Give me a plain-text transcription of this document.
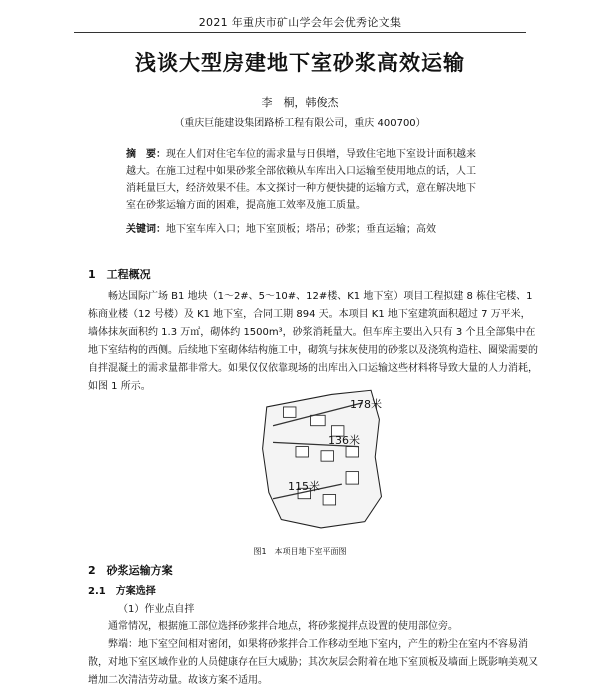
2021 年重庆市矿山学会年会优秀论文集
浅谈大型房建地下室砂浆高效运输
李　桐，韩俊杰
（重庆巨能建设集团路桥工程有限公司，重庆 400700）
摘　要：现在人们对住宅车位的需求量与日俱增，导致住宅地下室设计面积越来越大。在施工过程中如果砂浆全部依赖从车库出入口运输至使用地点的话，人工消耗量巨大，经济效果不佳。本文探讨一种方便快捷的运输方式，意在解决地下室在砂浆运输方面的困难，提高施工效率及施工质量。
关键词：地下室车库入口；地下室顶板；塔吊；砂浆；垂直运输；高效
1　工程概况
畅达国际广场 B1 地块（1～2#、5～10#、12#楼、K1 地下室）项目工程拟建 8 栋住宅楼、1 栋商业楼（12 号楼）及 K1 地下室，合同工期 894 天。本项目 K1 地下室建筑面积超过 7 万平米，墙体抹灰面积约 1.3 万㎡，砌体约 1500m³，砂浆消耗量大。但车库主要出入只有 3 个且全部集中在地下室结构的西侧。后续地下室砌体结构施工中，砌筑与抹灰使用的砂浆以及浇筑构造柱、圈梁需要的自拌混凝土的需求量都非常大。如果仅仅依靠现场的出库出入口运输这些材料将导致大量的人力消耗，如图 1 所示。
178米
136米
115米
图1　本项目地下室平面图
2　砂浆运输方案
2.1　方案选择
（1）作业点自拌
通常情况，根据施工部位选择砂浆拌合地点，将砂浆搅拌点设置的使用部位旁。
弊端：地下室空间相对密闭，如果将砂浆拌合工作移动至地下室内，产生的粉尘在室内不容易消散，对地下室区域作业的人员健康存在巨大威胁；其次灰层会附着在地下室顶板及墙面上既影响美观又增加二次清洁劳动量。故该方案不适用。
